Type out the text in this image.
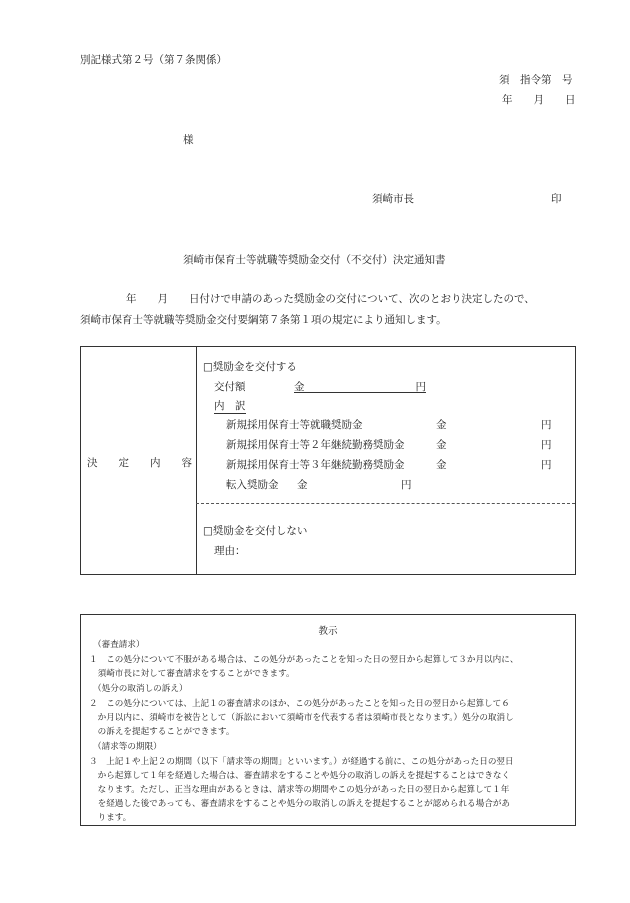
別記様式第２号（第７条関係）
須　指令第　号
年　　月　　日
様
須崎市長	印
須崎市保育士等就職等奨励金交付（不交付）決定通知書
年　　月　　日付けで申請のあった奨励金の交付について、次のとおり決定したので、
須崎市保育士等就職等奨励金交付要綱第７条第１項の規定により通知します。
決　　定　　内　　容
□奨励金を交付する
交付額	金	円
内　訳
新規採用保育士等就職奨励金	金	円
新規採用保育士等２年継続勤務奨励金	金	円
新規採用保育士等３年継続勤務奨励金	金	円
転入奨励金 金	円
□奨励金を交付しない
理由：
教示
（審査請求）
１　この処分について不服がある場合は、この処分があったことを知った日の翌日から起算して３か月以内に、
　須崎市長に対して審査請求をすることができます。
（処分の取消しの訴え）
２　この処分については、上記１の審査請求のほか、この処分があったことを知った日の翌日から起算して６
　か月以内に、須崎市を被告として（訴訟において須崎市を代表する者は須崎市長となります。）処分の取消し
　の訴えを提起することができます。
（請求等の期限）
３　上記１や上記２の期間（以下「請求等の期間」といいます。）が経過する前に、この処分があった日の翌日
　から起算して１年を経過した場合は、審査請求をすることや処分の取消しの訴えを提起することはできなく
　なります。ただし、正当な理由があるときは、請求等の期間やこの処分があった日の翌日から起算して１年
　を経過した後であっても、審査請求をすることや処分の取消しの訴えを提起することが認められる場合があ
　ります。
